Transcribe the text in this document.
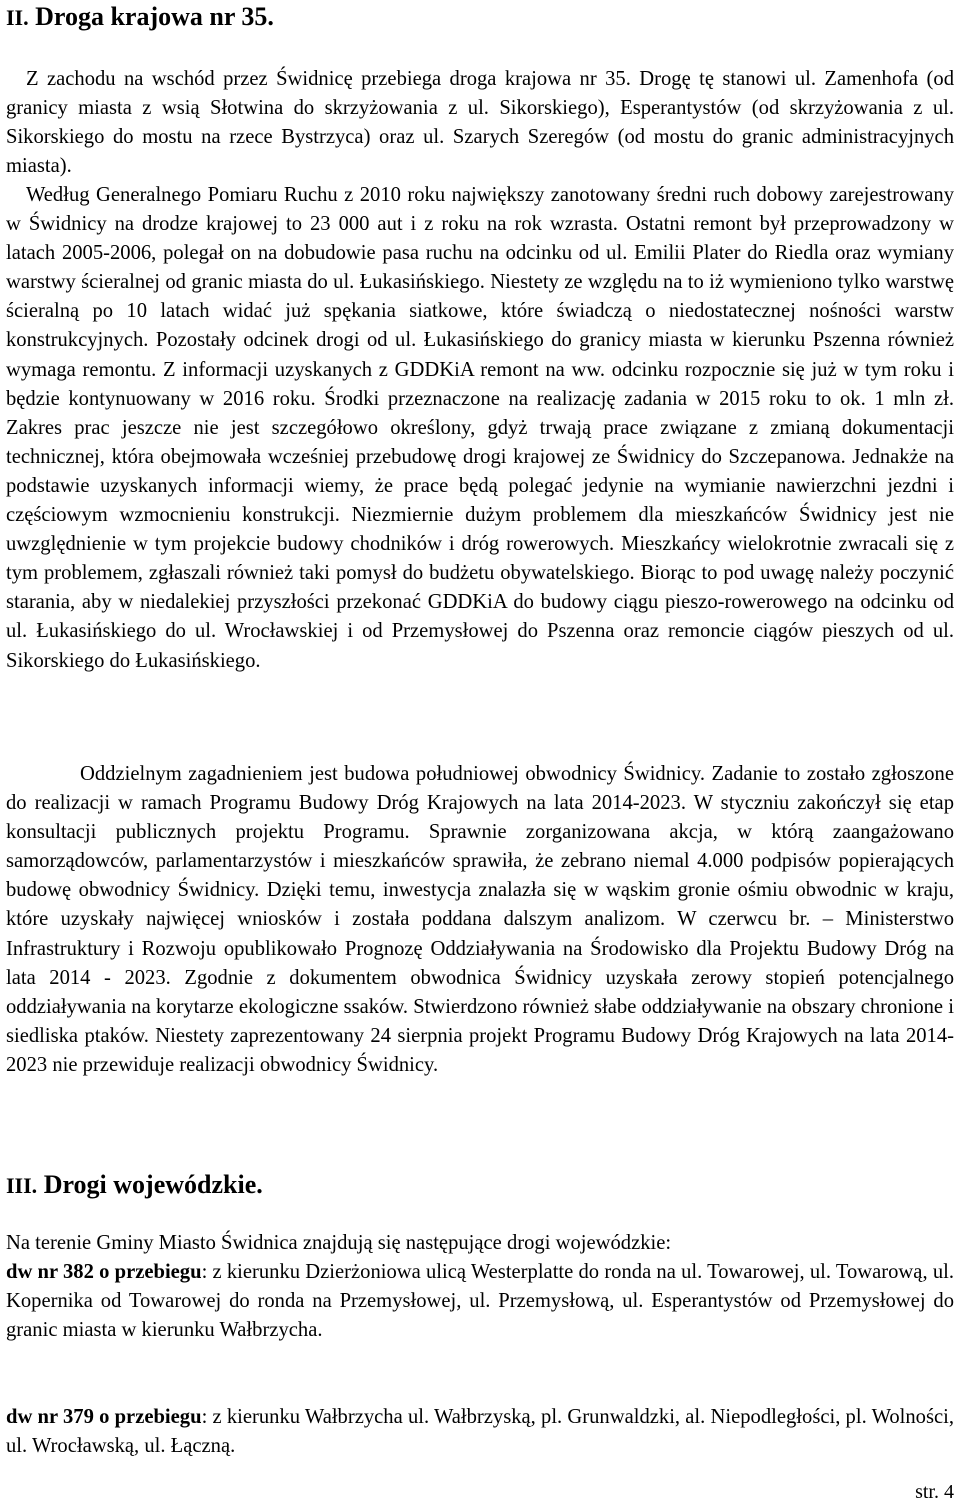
II. Droga krajowa nr 35.

Z zachodu na wschód przez Świdnicę przebiega droga krajowa nr 35. Drogę tę stanowi ul. Zamenhofa (od granicy miasta z wsią Słotwina do skrzyżowania z ul. Sikorskiego), Esperantystów (od skrzyżowania z ul. Sikorskiego do mostu na rzece Bystrzyca) oraz ul. Szarych Szeregów (od mostu do granic administracyjnych miasta).

Według Generalnego Pomiaru Ruchu z 2010 roku największy zanotowany średni ruch dobowy zarejestrowany w Świdnicy na drodze krajowej to 23 000 aut i z roku na rok wzrasta. Ostatni remont był przeprowadzony w latach 2005-2006, polegał on na dobudowie pasa ruchu na odcinku od ul. Emilii Plater do Riedla oraz wymiany warstwy ścieralnej od granic miasta do ul. Łukasińskiego. Niestety ze względu na to iż wymieniono tylko warstwę ścieralną po 10 latach widać już spękania siatkowe, które świadczą o niedostatecznej nośności warstw konstrukcyjnych. Pozostały odcinek drogi od ul. Łukasińskiego do granicy miasta w kierunku Pszenna również wymaga remontu. Z informacji uzyskanych z GDDKiA remont na ww. odcinku rozpocznie się już w tym roku i będzie kontynuowany w 2016 roku. Środki przeznaczone na realizację zadania w 2015 roku to ok. 1 mln zł. Zakres prac jeszcze nie jest szczegółowo określony, gdyż trwają prace związane z zmianą dokumentacji technicznej, która obejmowała wcześniej przebudowę drogi krajowej ze Świdnicy do Szczepanowa. Jednakże na podstawie uzyskanych informacji wiemy, że prace będą polegać jedynie na wymianie nawierzchni jezdni i częściowym wzmocnieniu konstrukcji. Niezmiernie dużym problemem dla mieszkańców Świdnicy jest nie uwzględnienie w tym projekcie budowy chodników i dróg rowerowych. Mieszkańcy wielokrotnie zwracali się z tym problemem, zgłaszali również taki pomysł do budżetu obywatelskiego. Biorąc to pod uwagę należy poczynić starania, aby w niedalekiej przyszłości przekonać GDDKiA do budowy ciągu pieszo-rowerowego na odcinku od ul. Łukasińskiego do ul. Wrocławskiej i od Przemysłowej do Pszenna oraz remoncie ciągów pieszych od ul. Sikorskiego do Łukasińskiego.

Oddzielnym zagadnieniem jest budowa południowej obwodnicy Świdnicy. Zadanie to zostało zgłoszone do realizacji w ramach Programu Budowy Dróg Krajowych na lata 2014-2023. W styczniu zakończył się etap konsultacji publicznych projektu Programu. Sprawnie zorganizowana akcja, w którą zaangażowano samorządowców, parlamentarzystów i mieszkańców sprawiła, że zebrano niemal 4.000 podpisów popierających budowę obwodnicy Świdnicy. Dzięki temu, inwestycja znalazła się w wąskim gronie ośmiu obwodnic w kraju, które uzyskały najwięcej wniosków i została poddana dalszym analizom. W czerwcu br. – Ministerstwo Infrastruktury i Rozwoju opublikowało Prognozę Oddziaływania na Środowisko dla Projektu Budowy Dróg na lata 2014 - 2023. Zgodnie z dokumentem obwodnica Świdnicy uzyskała zerowy stopień potencjalnego oddziaływania na korytarze ekologiczne ssaków. Stwierdzono również słabe oddziaływanie na obszary chronione i siedliska ptaków. Niestety zaprezentowany 24 sierpnia projekt Programu Budowy Dróg Krajowych na lata 2014-2023 nie przewiduje realizacji obwodnicy Świdnicy.

III. Drogi wojewódzkie.

Na terenie Gminy Miasto Świdnica znajdują się następujące drogi wojewódzkie:

dw nr 382 o przebiegu: z kierunku Dzierżoniowa ulicą Westerplatte do ronda na ul. Towarowej, ul. Towarową, ul. Kopernika od Towarowej do ronda na Przemysłowej, ul. Przemysłową, ul. Esperantystów od Przemysłowej do granic miasta w kierunku Wałbrzycha.

dw nr 379 o przebiegu: z kierunku Wałbrzycha ul. Wałbrzyską, pl. Grunwaldzki, al. Niepodległości, pl. Wolności, ul. Wrocławską, ul. Łączną.

str. 4
